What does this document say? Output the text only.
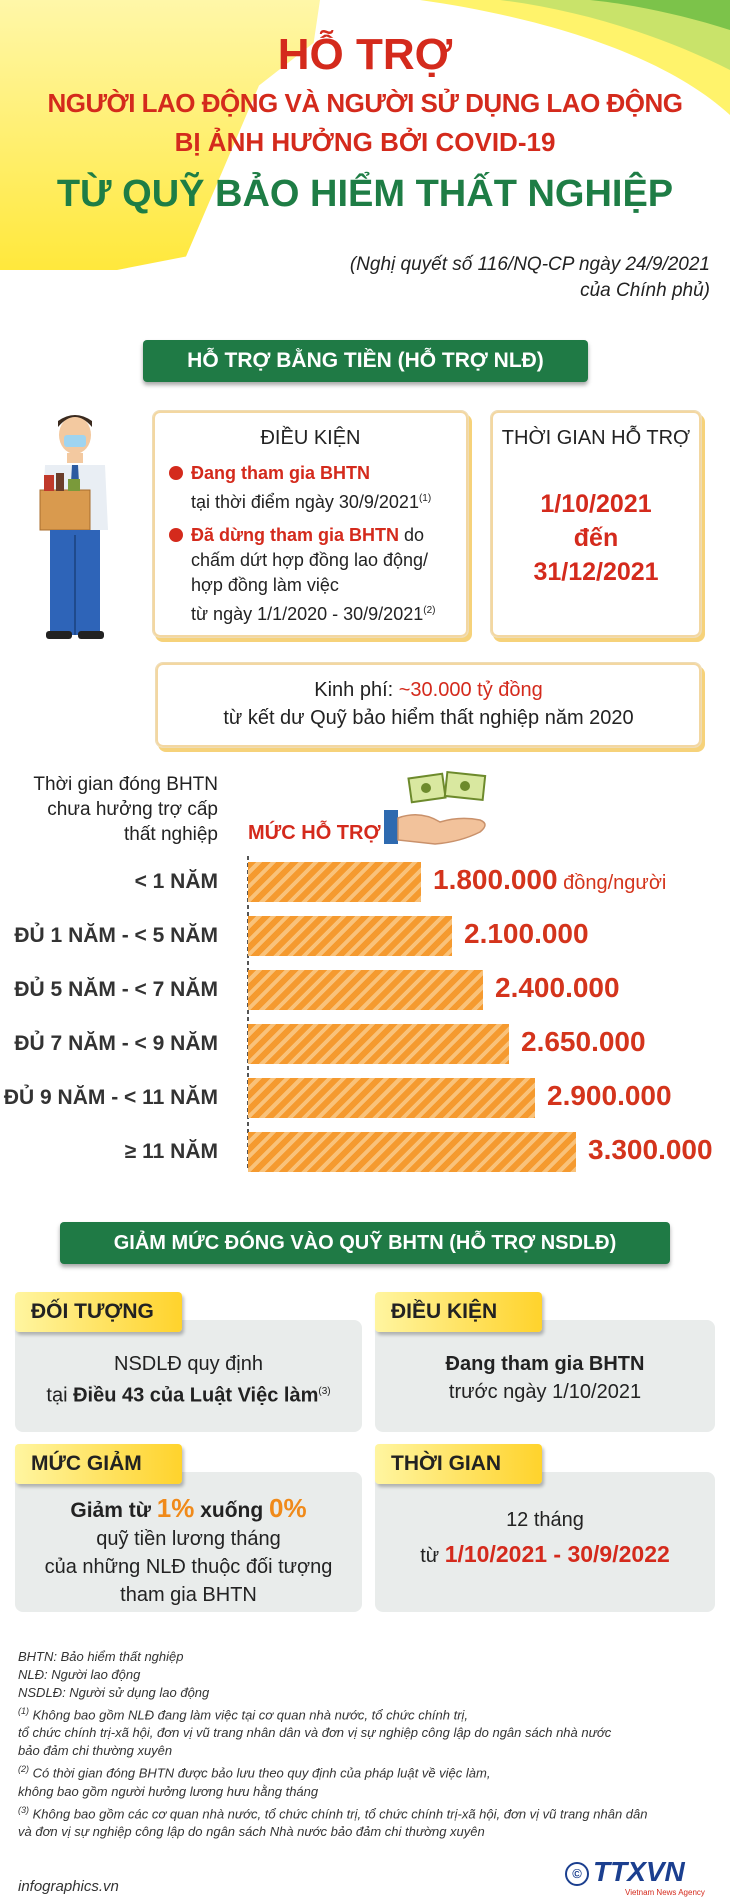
HỖ TRỢ
NGƯỜI LAO ĐỘNG VÀ NGƯỜI SỬ DỤNG LAO ĐỘNG
BỊ ẢNH HƯỞNG BỞI COVID-19
TỪ QUỸ BẢO HIỂM THẤT NGHIỆP
(Nghị quyết số 116/NQ-CP ngày 24/9/2021
của Chính phủ)
HỖ TRỢ BẰNG TIỀN (HỖ TRỢ NLĐ)
ĐIỀU KIỆN
Đang tham gia BHTN
tại thời điểm ngày 30/9/2021$^{(1)}$
Đã dừng tham gia BHTN do
chấm dứt hợp đồng lao động/
hợp đồng làm việc
từ ngày 1/1/2020 - 30/9/2021$^{(2)}$
THỜI GIAN HỖ TRỢ
1/10/2021
đến
31/12/2021
Kinh phí: ~30.000 tỷ đồng
từ kết dư Quỹ bảo hiểm thất nghiệp năm 2020
Thời gian đóng BHTN
chưa hưởng trợ cấp
thất nghiệp MỨC HỖ TRỢ
< 1 NĂM	1.800.000 đồng/người
ĐỦ 1 NĂM - < 5 NĂM	2.100.000
ĐỦ 5 NĂM - < 7 NĂM	2.400.000
ĐỦ 7 NĂM - < 9 NĂM	2.650.000
ĐỦ 9 NĂM - < 11 NĂM	2.900.000
≥ 11 NĂM	3.300.000
GIẢM MỨC ĐÓNG VÀO QUỸ BHTN (HỖ TRỢ NSDLĐ)
ĐỐI TƯỢNG
NSDLĐ quy định
tại Điều 43 của Luật Việc làm$^{(3)}$
ĐIỀU KIỆN
Đang tham gia BHTN
trước ngày 1/10/2021
MỨC GIẢM
Giảm từ 1% xuống 0%
quỹ tiền lương tháng
của những NLĐ thuộc đối tượng
tham gia BHTN
THỜI GIAN
12 tháng
từ 1/10/2021 - 30/9/2022
BHTN: Bảo hiểm thất nghiệp
NLĐ: Người lao động
NSDLĐ: Người sử dụng lao động
$^{(1)}$ Không bao gồm NLĐ đang làm việc tại cơ quan nhà nước, tổ chức chính trị,
tổ chức chính trị-xã hội, đơn vị vũ trang nhân dân và đơn vị sự nghiệp công lập do ngân sách nhà nước
bảo đảm chi thường xuyên
$^{(2)}$ Có thời gian đóng BHTN được bảo lưu theo quy định của pháp luật về việc làm,
không bao gồm người hưởng lương hưu hằng tháng
$^{(3)}$ Không bao gồm các cơ quan nhà nước, tổ chức chính trị, tổ chức chính trị-xã hội, đơn vị vũ trang nhân dân
và đơn vị sự nghiệp công lập do ngân sách Nhà nước bảo đảm chi thường xuyên
infographics.vn
© TTXVN
Vietnam News Agency
